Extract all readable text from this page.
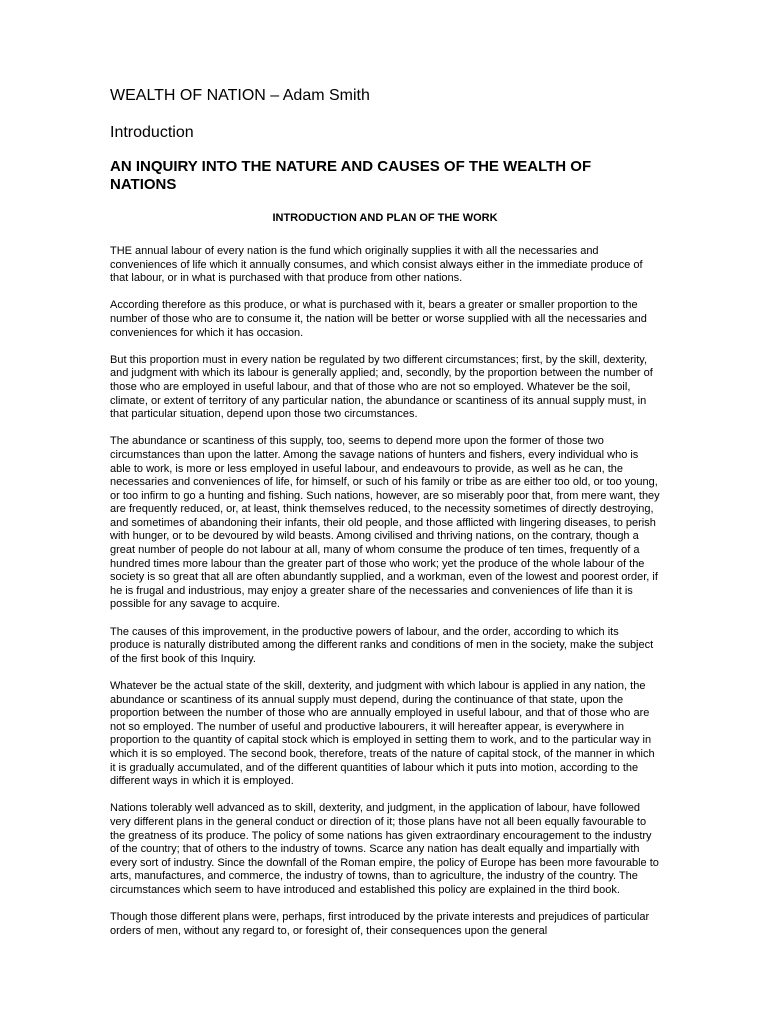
WEALTH OF NATION – Adam Smith
Introduction
AN INQUIRY INTO THE NATURE AND CAUSES OF THE WEALTH OF NATIONS
INTRODUCTION AND PLAN OF THE WORK

THE annual labour of every nation is the fund which originally supplies it with all the necessaries and conveniences of life which it annually consumes, and which consist always either in the immediate produce of that labour, or in what is purchased with that produce from other nations.

According therefore as this produce, or what is purchased with it, bears a greater or smaller proportion to the number of those who are to consume it, the nation will be better or worse supplied with all the necessaries and conveniences for which it has occasion.

But this proportion must in every nation be regulated by two different circumstances; first, by the skill, dexterity, and judgment with which its labour is generally applied; and, secondly, by the proportion between the number of those who are employed in useful labour, and that of those who are not so employed. Whatever be the soil, climate, or extent of territory of any particular nation, the abundance or scantiness of its annual supply must, in that particular situation, depend upon those two circumstances.

The abundance or scantiness of this supply, too, seems to depend more upon the former of those two circumstances than upon the latter. Among the savage nations of hunters and fishers, every individual who is able to work, is more or less employed in useful labour, and endeavours to provide, as well as he can, the necessaries and conveniences of life, for himself, or such of his family or tribe as are either too old, or too young, or too infirm to go a hunting and fishing. Such nations, however, are so miserably poor that, from mere want, they are frequently reduced, or, at least, think themselves reduced, to the necessity sometimes of directly destroying, and sometimes of abandoning their infants, their old people, and those afflicted with lingering diseases, to perish with hunger, or to be devoured by wild beasts. Among civilised and thriving nations, on the contrary, though a great number of people do not labour at all, many of whom consume the produce of ten times, frequently of a hundred times more labour than the greater part of those who work; yet the produce of the whole labour of the society is so great that all are often abundantly supplied, and a workman, even of the lowest and poorest order, if he is frugal and industrious, may enjoy a greater share of the necessaries and conveniences of life than it is possible for any savage to acquire.

The causes of this improvement, in the productive powers of labour, and the order, according to which its produce is naturally distributed among the different ranks and conditions of men in the society, make the subject of the first book of this Inquiry.

Whatever be the actual state of the skill, dexterity, and judgment with which labour is applied in any nation, the abundance or scantiness of its annual supply must depend, during the continuance of that state, upon the proportion between the number of those who are annually employed in useful labour, and that of those who are not so employed. The number of useful and productive labourers, it will hereafter appear, is everywhere in proportion to the quantity of capital stock which is employed in setting them to work, and to the particular way in which it is so employed. The second book, therefore, treats of the nature of capital stock, of the manner in which it is gradually accumulated, and of the different quantities of labour which it puts into motion, according to the different ways in which it is employed.

Nations tolerably well advanced as to skill, dexterity, and judgment, in the application of labour, have followed very different plans in the general conduct or direction of it; those plans have not all been equally favourable to the greatness of its produce. The policy of some nations has given extraordinary encouragement to the industry of the country; that of others to the industry of towns. Scarce any nation has dealt equally and impartially with every sort of industry. Since the downfall of the Roman empire, the policy of Europe has been more favourable to arts, manufactures, and commerce, the industry of towns, than to agriculture, the industry of the country. The circumstances which seem to have introduced and established this policy are explained in the third book.

Though those different plans were, perhaps, first introduced by the private interests and prejudices of particular orders of men, without any regard to, or foresight of, their consequences upon the general
